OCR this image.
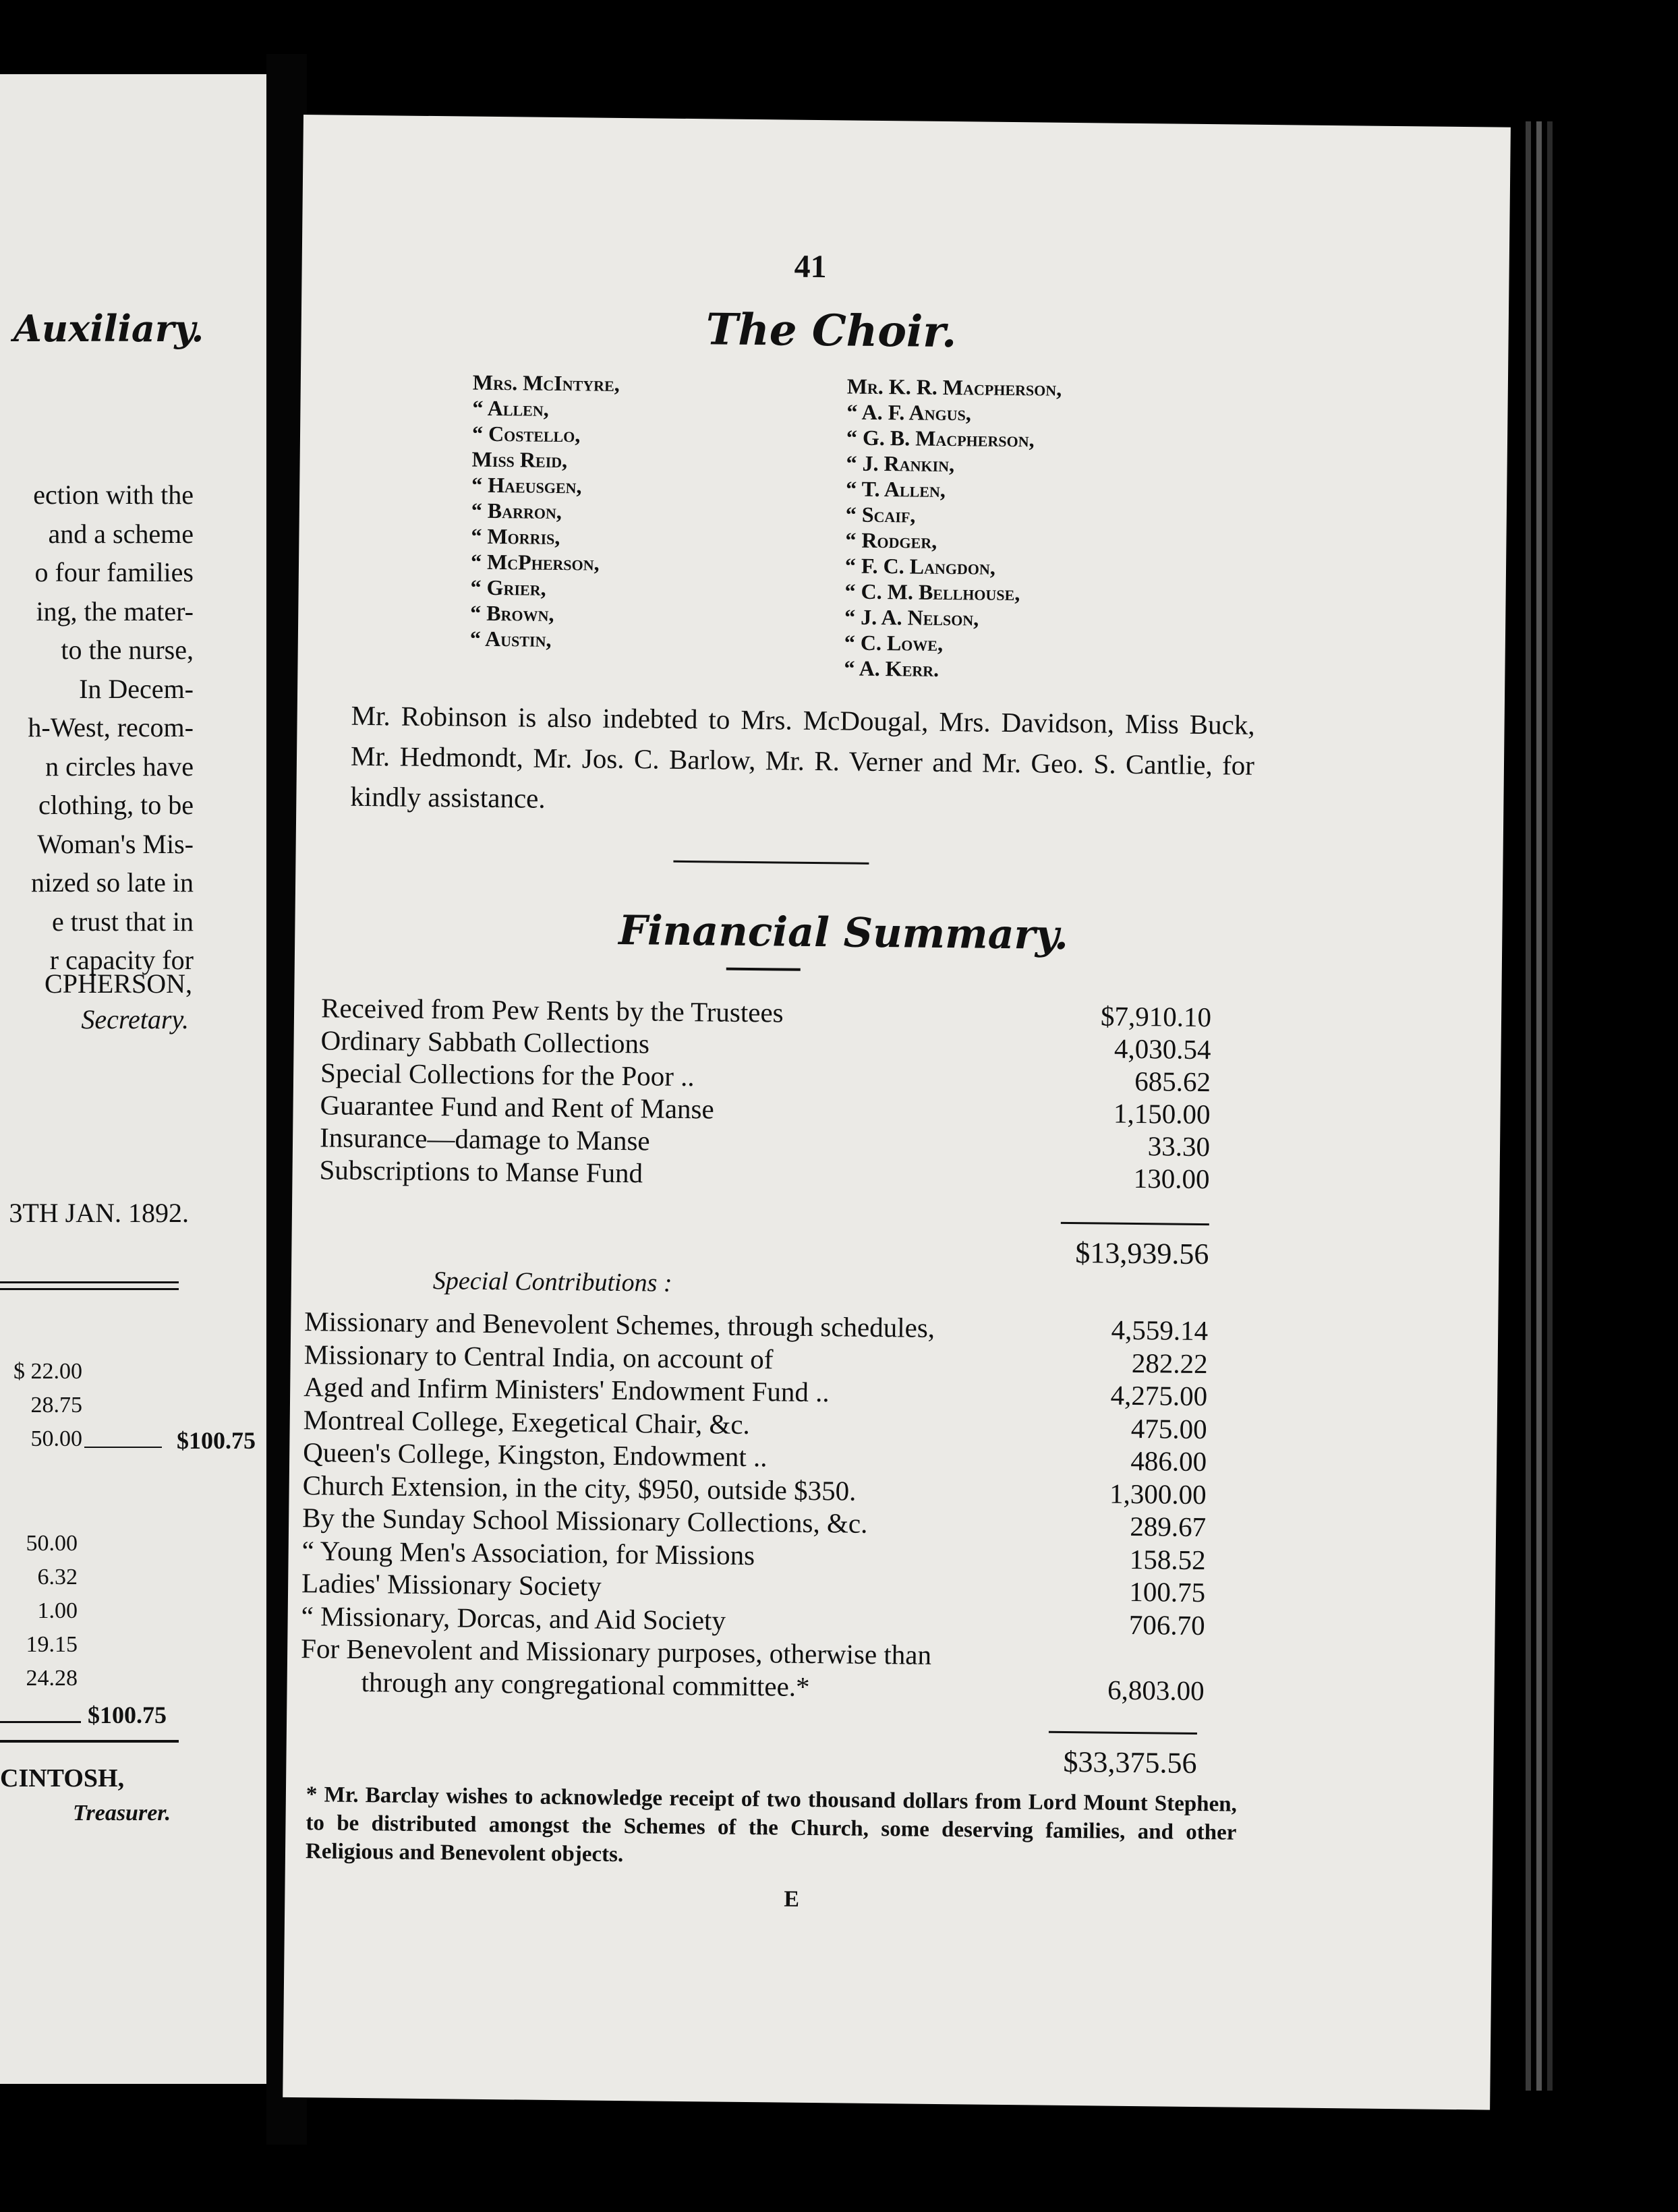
Auxiliary.
ection with the
and a scheme
o four families
ing, the mater-
to the nurse,
In Decem-
h-West, recom-
n circles have
clothing, to be
Woman's Mis-
nized so late in
e trust that in
r capacity for
CPHERSON,
Secretary.
3TH JAN. 1892.
$ 22.00
28.75
50.00	$100.75
50.00
6.32
1.00
19.15
24.28
$100.75
CINTOSH,
Treasurer.
41
The Choir.
Mrs. McIntyre,
“ Allen,
“ Costello,
Miss Reid,
“ Haeusgen,
“ Barron,
“ Morris,
“ McPherson,
“ Grier,
“ Brown,
“ Austin,
Mr. K. R. Macpherson,
“ A. F. Angus,
“ G. B. Macpherson,
“ J. Rankin,
“ T. Allen,
“ Scaif,
“ Rodger,
“ F. C. Langdon,
“ C. M. Bellhouse,
“ J. A. Nelson,
“ C. Lowe,
“ A. Kerr.
Mr. Robinson is also indebted to Mrs. McDougal, Mrs. Davidson, Miss Buck, Mr. Hedmondt, Mr. Jos. C. Barlow, Mr. R. Verner and Mr. Geo. S. Cantlie, for kindly assistance.
Financial Summary.
Received from Pew Rents by the Trustees	$7,910.10
Ordinary Sabbath Collections	4,030.54
Special Collections for the Poor ..	685.62
Guarantee Fund and Rent of Manse	1,150.00
Insurance—damage to Manse	33.30
Subscriptions to Manse Fund	130.00
$13,939.56
Special Contributions :
Missionary and Benevolent Schemes, through schedules,	4,559.14
Missionary to Central India, on account of	282.22
Aged and Infirm Ministers' Endowment Fund ..	4,275.00
Montreal College, Exegetical Chair, &c.	475.00
Queen's College, Kingston, Endowment ..	486.00
Church Extension, in the city, $950, outside $350.	1,300.00
By the Sunday School Missionary Collections, &c.	289.67
“ Young Men's Association, for Missions	158.52
Ladies' Missionary Society	100.75
“ Missionary, Dorcas, and Aid Society	706.70
For Benevolent and Missionary purposes, otherwise than
through any congregational committee.*	6,803.00
$33,375.56
* Mr. Barclay wishes to acknowledge receipt of two thousand dollars from Lord Mount Stephen, to be distributed amongst the Schemes of the Church, some deserving families, and other Religious and Benevolent objects.
E
